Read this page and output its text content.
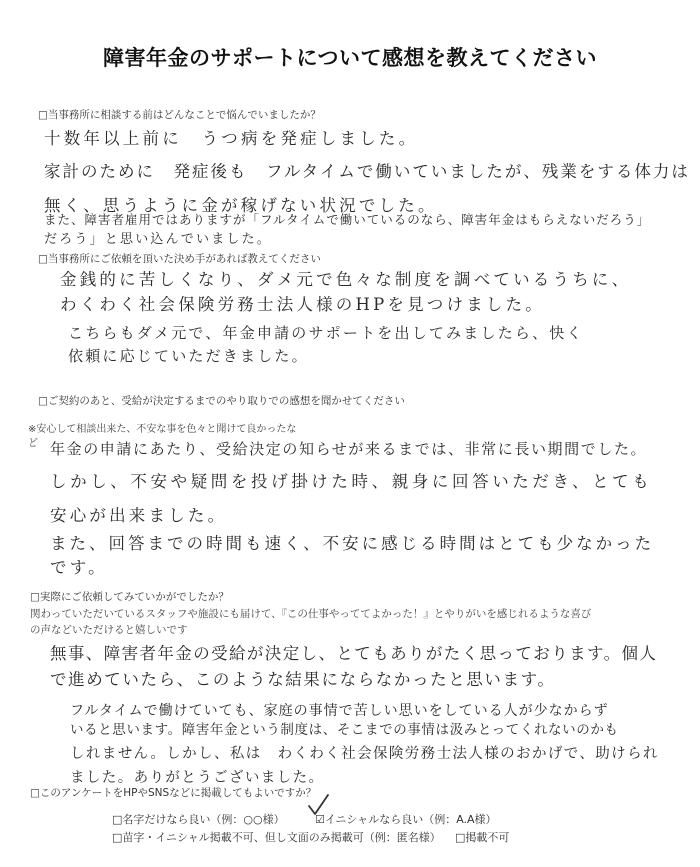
障害年金のサポートについて感想を教えてください
□当事務所に相談する前はどんなことで悩んでいましたか？
十数年以上前に　うつ病を発症しました。
家計のために　発症後も　フルタイムで働いていましたが、残業をする体力は
無く、思うように金が稼げない状況でした。
また、障害者雇用ではありますが「フルタイムで働いているのなら、障害年金はもらえないだろう」
だろう」と思い込んでいました。
□当事務所にご依頼を頂いた決め手があれば教えてください
金銭的に苦しくなり、ダメ元で色々な制度を調べているうちに、
わくわく社会保険労務士法人様のHPを見つけました。
こちらもダメ元で、年金申請のサポートを出してみましたら、快く
依頼に応じていただきました。
□ご契約のあと、受給が決定するまでのやり取りでの感想を聞かせてください
※安心して相談出来た、不安な事を色々と聞けて良かったな
ど 年金の申請にあたり、受給決定の知らせが来るまでは、非常に長い期間でした。
しかし、不安や疑問を投げ掛けた時、親身に回答いただき、とても
安心が出来ました。
また、回答までの時間も速く、不安に感じる時間はとても少なかった
です。
□実際にご依頼してみていかがでしたか？
関わっていただいているスタッフや施設にも届けて、『この仕事やっててよかった！』とやりがいを感じれるような喜び
の声などいただけると嬉しいです
無事、障害者年金の受給が決定し、とてもありがたく思っております。個人
で進めていたら、このような結果にならなかったと思います。
フルタイムで働けていても、家庭の事情で苦しい思いをしている人が少なからず
いると思います。障害年金という制度は、そこまでの事情は汲みとってくれないのかも
しれません。しかし、私は　わくわく社会保険労務士法人様のおかげで、助けられ
ました。ありがとうございました。
□このアンケートをHPやSNSなどに掲載してもよいですか？
□名字だけなら良い（例：○○様）	☑イニシャルなら良い（例：A.A様）
□苗字・イニシャル掲載不可、但し文面のみ掲載可（例：匿名様） □掲載不可
